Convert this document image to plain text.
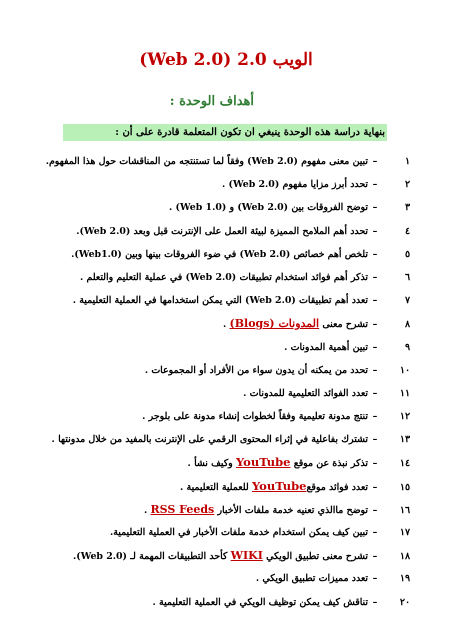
الويب 2.0 (Web 2.0)
أهداف الوحدة :
بنهاية دراسة هذه الوحدة ينبغي ان تكون المتعلمة قادرة على أن :
١–تبين معنى مفهوم (Web 2.0) وفقاً لما تستنتجه من المناقشات حول هذا المفهوم.
٢–تحدد أبرز مزايا مفهوم (Web 2.0) .
٣–توضح الفروقات بين (Web 2.0) و (Web 1.0) .
٤–تحدد أهم الملامح المميزة لبيئة العمل على الإنترنت قبل وبعد (Web 2.0).
٥–تلخص أهم خصائص (Web 2.0) في ضوء الفروقات بينها وبين (Web1.0).
٦–تذكر أهم فوائد استخدام تطبيقات (Web 2.0) في عملية التعليم والتعلم .
٧–تعدد أهم تطبيقات (Web 2.0) التي يمكن استخدامها في العملية التعليمية .
٨–تشرح معنى المدونات (Blogs) .
٩–تبين أهمية المدونات .
١٠–تحدد من يمكنه أن يدون سواء من الأفراد أو المجموعات .
١١–تعدد الفوائد التعليمية للمدونات .
١٢–تنتج مدونة تعليمية وفقاً لخطوات إنشاء مدونة على بلوجر .
١٣–تشترك بفاعلية في إثراء المحتوى الرقمي على الإنترنت بالمفيد من خلال مدونتها .
١٤–تذكر نبذة عن موقع YouTube وكيف نشأ .
١٥–تعدد فوائد موقعYouTube للعملية التعليمية .
١٦–توضح ماالذي تعنيه خدمة ملفات الأخبار RSS Feeds .
١٧–تبين كيف يمكن استخدام خدمة ملفات الأخبار في العملية التعليمية.
١٨–تشرح معنى تطبيق الويكي WIKI كأحد التطبيقات المهمة لـ (Web 2.0).
١٩–تعدد مميزات تطبيق الويكي .
٢٠–تناقش كيف يمكن توظيف الويكي في العملية التعليمية .
